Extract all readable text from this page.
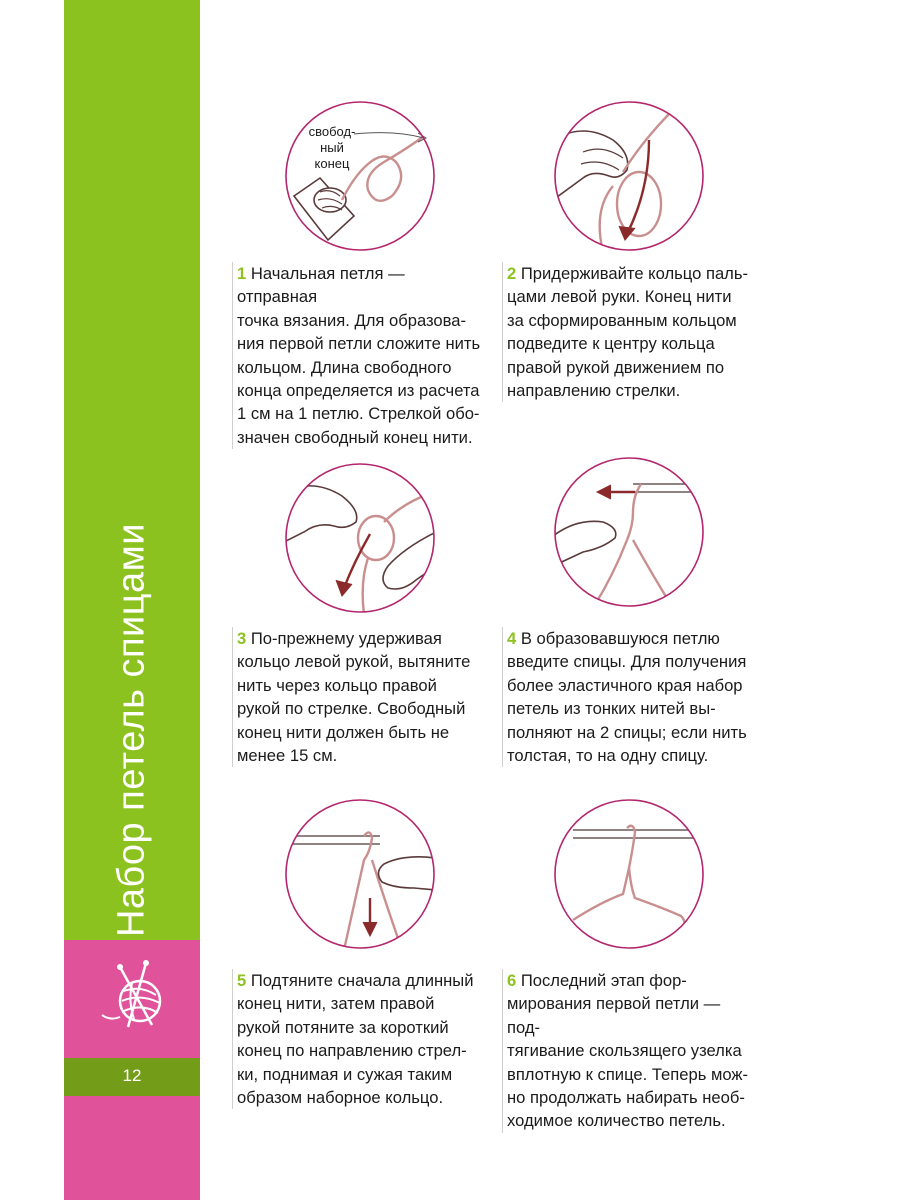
Набор петель спицами
12
свобод-
ный
конец
1 Начальная петля — отправная
точка вязания. Для образова-
ния первой петли сложите нить
кольцом. Длина свободного
конца определяется из расчета
1 см на 1 петлю. Стрелкой обо-
значен свободный конец нити.
2 Придерживайте кольцо паль-
цами левой руки. Конец нити
за сформированным кольцом
подведите к центру кольца
правой рукой движением по
направлению стрелки.
3 По-прежнему удерживая
кольцо левой рукой, вытяните
нить через кольцо правой
рукой по стрелке. Свободный
конец нити должен быть не
менее 15 см.
4 В образовавшуюся петлю
введите спицы. Для получения
более эластичного края набор
петель из тонких нитей вы-
полняют на 2 спицы; если нить
толстая, то на одну спицу.
5 Подтяните сначала длинный
конец нити, затем правой
рукой потяните за короткий
конец по направлению стрел-
ки, поднимая и сужая таким
образом наборное кольцо.
6 Последний этап фор-
мирования первой петли — под-
тягивание скользящего узелка
вплотную к спице. Теперь мож-
но продолжать набирать необ-
ходимое количество петель.
